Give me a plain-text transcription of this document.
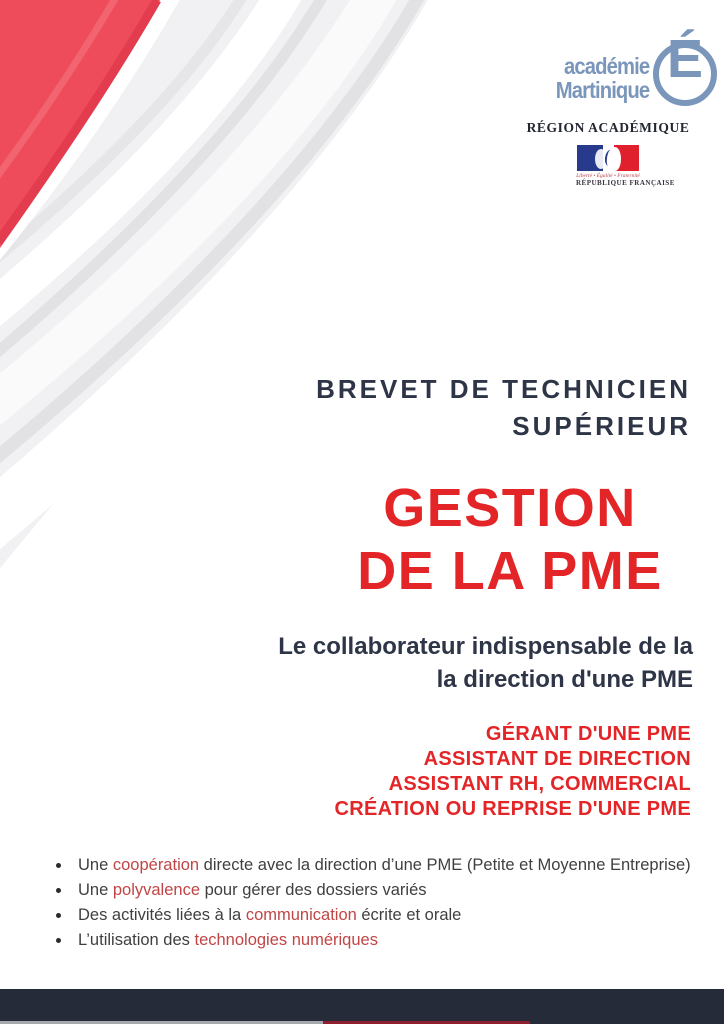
académie
Martinique
É
RÉGION ACADÉMIQUE
Liberté • Égalité • Fraternité
RÉPUBLIQUE FRANÇAISE
BREVET DE TECHNICIEN
SUPÉRIEUR
GESTION
DE LA PME
Le collaborateur indispensable de la
la direction d'une PME
GÉRANT D'UNE PME
ASSISTANT DE DIRECTION
ASSISTANT RH, COMMERCIAL
CRÉATION OU REPRISE D'UNE PME
Une coopération directe avec la direction d’une PME (Petite et Moyenne Entreprise)
Une polyvalence pour gérer des dossiers variés
Des activités liées à la communication écrite et orale
L’utilisation des technologies numériques
